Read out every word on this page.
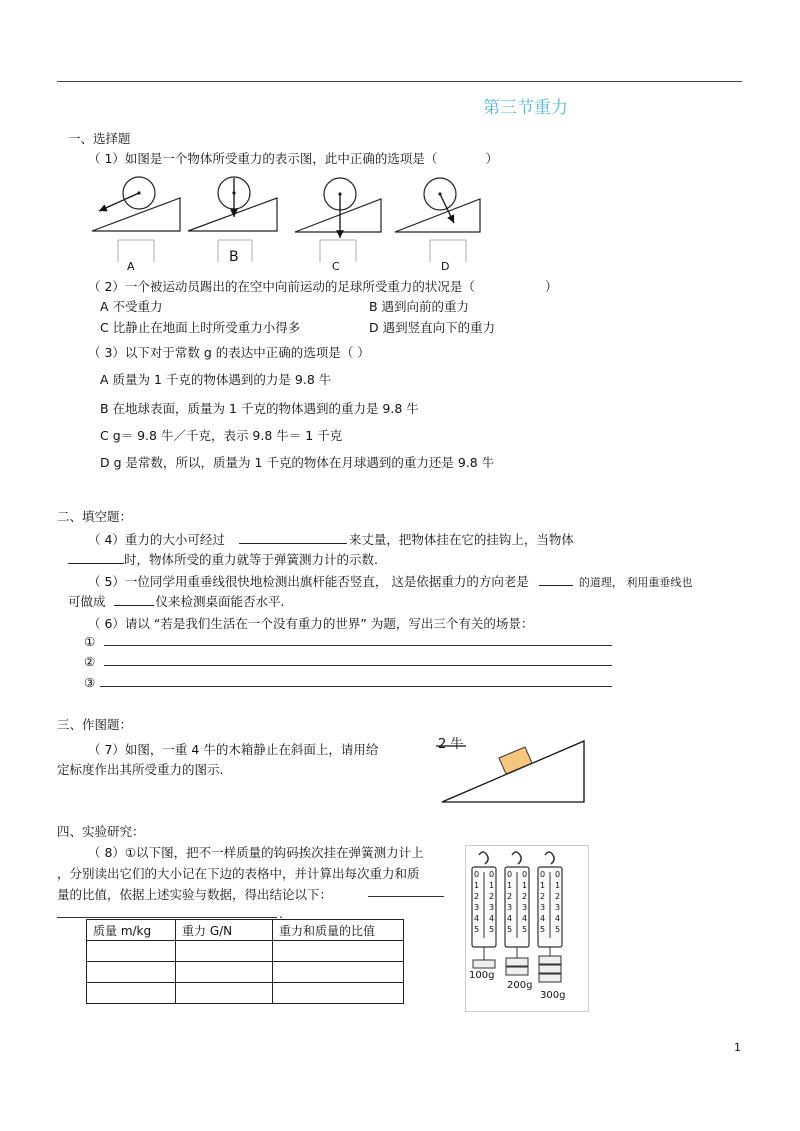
第三节重力
一、选择题
（ 1）如图是一个物体所受重力的表示图，此中正确的选项是（	）
A
B
C	D
（ 2）一个被运动员踢出的在空中向前运动的足球所受重力的状况是（	）
A 不受重力	B 遇到向前的重力
C 比静止在地面上时所受重力小得多	D 遇到竖直向下的重力
（ 3）以下对于常数 g 的表达中正确的选项是（ ）
A 质量为 1 千克的物体遇到的力是 9.8 牛
B 在地球表面，质量为 1 千克的物体遇到的重力是 9.8 牛
C g＝ 9.8 牛／千克，表示 9.8 牛＝ 1 千克
D g 是常数，所以，质量为 1 千克的物体在月球遇到的重力还是 9.8 牛
二、填空题：
（ 4）重力的大小可经过	来丈量，把物体挂在它的挂钩上，当物体
时，物体所受的重力就等于弹簧测力计的示数.
（ 5）一位同学用重垂线很快地检测出旗杆能否竖直， 这是依据重力的方向老是	的道理， 利用重垂线也
可做成	仪来检测桌面能否水平.
（ 6）请以 “若是我们生活在一个没有重力的世界” 为题，写出三个有关的场景：
①
②
③
三、作图题：
（ 7）如图，一重 4 牛的木箱静止在斜面上，请用给
定标度作出其所受重力的图示.
2 牛
四、实验研究：
（ 8）①以下图，把不一样质量的钩码挨次挂在弹簧测力计上
，分别读出它们的大小记在下边的表格中，并计算出每次重力和质
量的比值，依据上述实验与数据，得出结论以下：
.
质量 m/kg	重力 G/N	重力和质量的比值

0	0	0
0	0	0
1	1	1
1	1	1
2	2	2
2	2	2
3	3	3
3	3	3
4	4	4
4	4	4
5	5	5
5	5	5
100g
200g
300g
1
